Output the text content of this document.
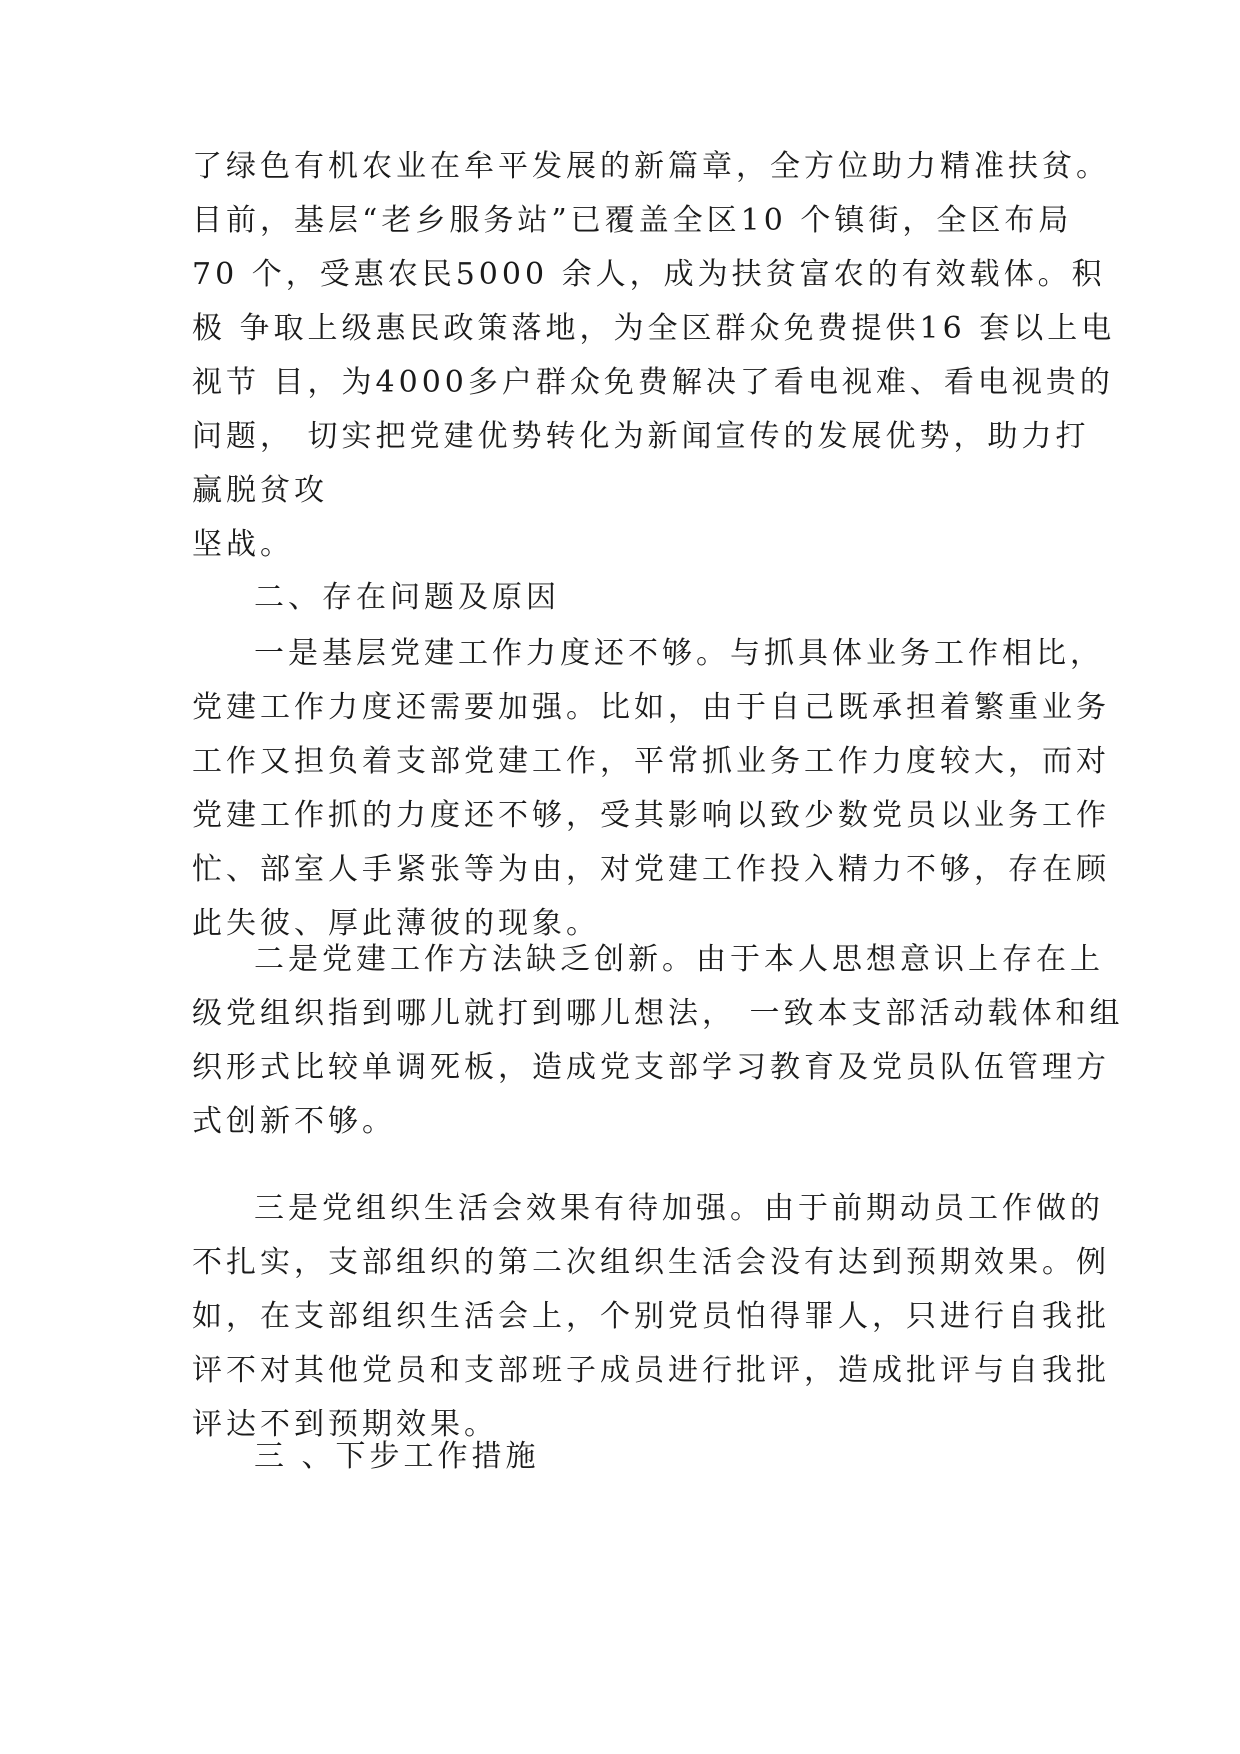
了绿色有机农业在牟平发展的新篇章，全方位助力精准扶贫。
目前，基层“老乡服务站”已覆盖全区10 个镇街，全区布局
70 个，受惠农民5000 余人，成为扶贫富农的有效载体。积
极 争取上级惠民政策落地，为全区群众免费提供16 套以上电
视节 目，为4000多户群众免费解决了看电视难、看电视贵的
问题， 切实把党建优势转化为新闻宣传的发展优势，助力打
赢脱贫攻
坚战。
二、存在问题及原因
一是基层党建工作力度还不够。与抓具体业务工作相比，
党建工作力度还需要加强。比如，由于自己既承担着繁重业务
工作又担负着支部党建工作，平常抓业务工作力度较大，而对
党建工作抓的力度还不够，受其影响以致少数党员以业务工作
忙、部室人手紧张等为由，对党建工作投入精力不够，存在顾
此失彼、厚此薄彼的现象。
二是党建工作方法缺乏创新。由于本人思想意识上存在上
级党组织指到哪儿就打到哪儿想法， 一致本支部活动载体和组
织形式比较单调死板，造成党支部学习教育及党员队伍管理方
式创新不够。
三是党组织生活会效果有待加强。由于前期动员工作做的
不扎实，支部组织的第二次组织生活会没有达到预期效果。例
如，在支部组织生活会上，个别党员怕得罪人，只进行自我批
评不对其他党员和支部班子成员进行批评，造成批评与自我批
评达不到预期效果。
三 、下步工作措施
